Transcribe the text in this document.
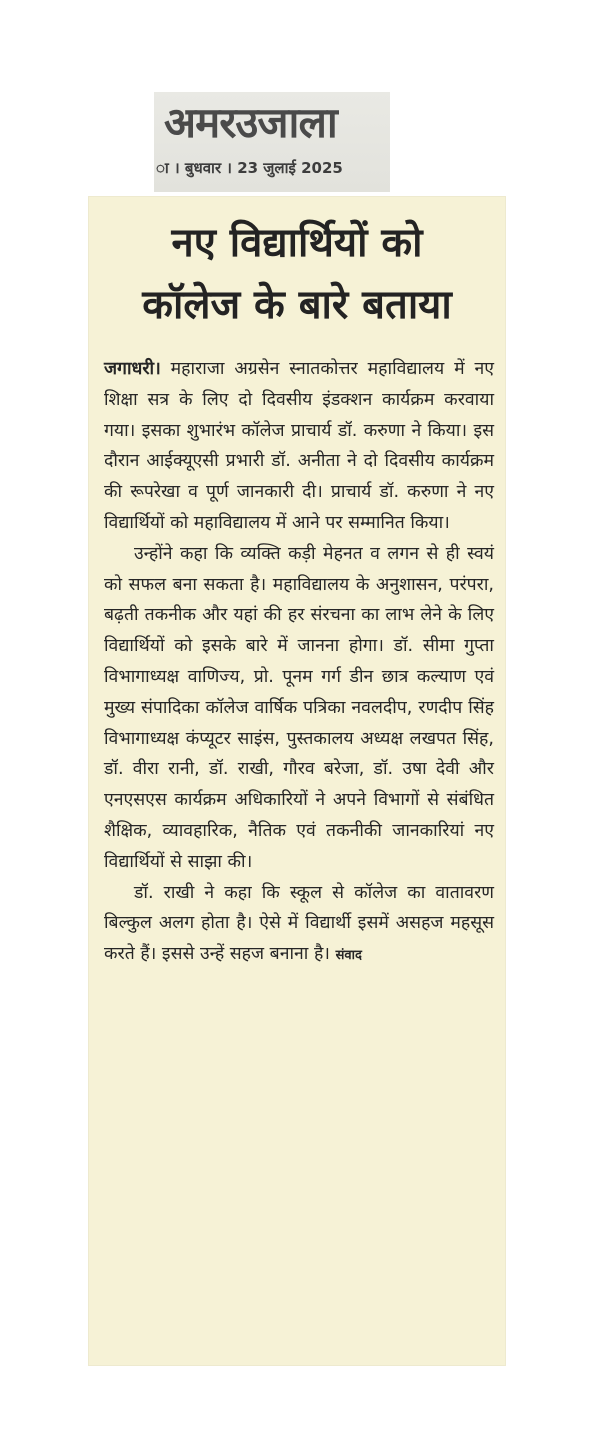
अमरउजाला
ा । बुधवार । 23 जुलाई 2025
नए विद्यार्थियों को
कॉलेज के बारे बताया

जगाधरी। महाराजा अग्रसेन स्नातकोत्तर महाविद्यालय में नए शिक्षा सत्र के लिए दो दिवसीय इंडक्शन कार्यक्रम करवाया गया। इसका शुभारंभ कॉलेज प्राचार्य डॉ. करुणा ने किया। इस दौरान आईक्यूएसी प्रभारी डॉ. अनीता ने दो दिवसीय कार्यक्रम की रूपरेखा व पूर्ण जानकारी दी। प्राचार्य डॉ. करुणा ने नए विद्यार्थियों को महाविद्यालय में आने पर सम्मानित किया।

उन्होंने कहा कि व्यक्ति कड़ी मेहनत व लगन से ही स्वयं को सफल बना सकता है। महाविद्यालय के अनुशासन, परंपरा, बढ़ती तकनीक और यहां की हर संरचना का लाभ लेने के लिए विद्यार्थियों को इसके बारे में जानना होगा। डॉ. सीमा गुप्ता विभागाध्यक्ष वाणिज्य, प्रो. पूनम गर्ग डीन छात्र कल्याण एवं मुख्य संपादिका कॉलेज वार्षिक पत्रिका नवलदीप, रणदीप सिंह विभागाध्यक्ष कंप्यूटर साइंस, पुस्तकालय अध्यक्ष लखपत सिंह, डॉ. वीरा रानी, डॉ. राखी, गौरव बरेजा, डॉ. उषा देवी और एनएसएस कार्यक्रम अधिकारियों ने अपने विभागों से संबंधित शैक्षिक, व्यावहारिक, नैतिक एवं तकनीकी जानकारियां नए विद्यार्थियों से साझा की।

डॉ. राखी ने कहा कि स्कूल से कॉलेज का वातावरण बिल्कुल अलग होता है। ऐसे में विद्यार्थी इसमें असहज महसूस करते हैं। इससे उन्हें सहज बनाना है। संवाद
